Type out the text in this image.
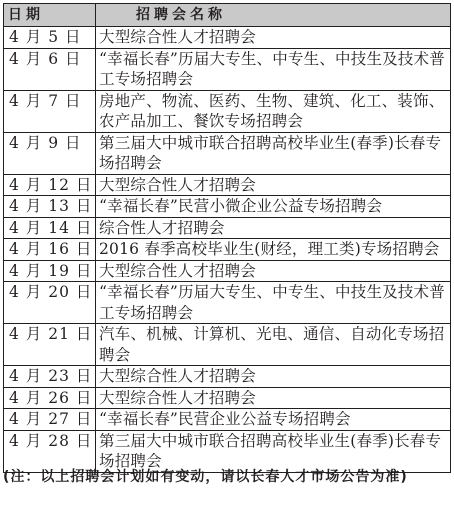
日期	招聘会名称
4 月 5 日	大型综合性人才招聘会
4 月 6 日	“幸福长春”历届大专生、中专生、中技生及技术普工专场招聘会
4 月 7 日	房地产、物流、医药、生物、建筑、化工、装饰、农产品加工、餐饮专场招聘会
4 月 9 日	第三届大中城市联合招聘高校毕业生(春季)长春专场招聘会
4 月 12 日	大型综合性人才招聘会
4 月 13 日	“幸福长春”民营小微企业公益专场招聘会
4 月 14 日	综合性人才招聘会
4 月 16 日	2016 春季高校毕业生(财经，理工类)专场招聘会
4 月 19 日	大型综合性人才招聘会
4 月 20 日	“幸福长春”历届大专生、中专生、中技生及技术普工专场招聘会
4 月 21 日	汽车、机械、计算机、光电、通信、自动化专场招聘会
4 月 23 日	大型综合性人才招聘会
4 月 26 日	大型综合性人才招聘会
4 月 27 日	“幸福长春”民营企业公益专场招聘会
4 月 28 日	第三届大中城市联合招聘高校毕业生(春季)长春专场招聘会

(注：以上招聘会计划如有变动，请以长春人才市场公告为准)
